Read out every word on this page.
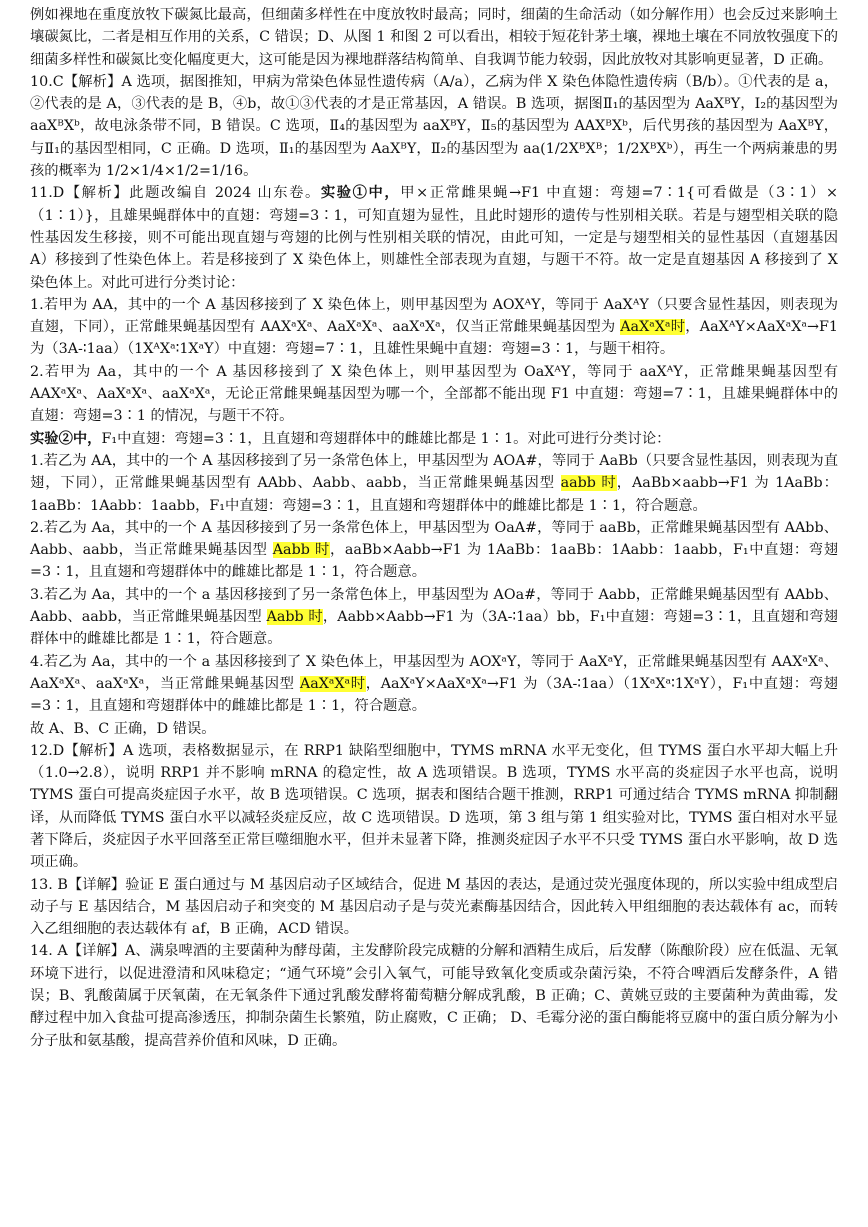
例如裸地在重度放牧下碳氮比最高，但细菌多样性在中度放牧时最高；同时，细菌的生命活动（如分解作用）也会反过来影响土壤碳氮比，二者是相互作用的关系，C 错误；D、从图 1 和图 2 可以看出，相较于短花针茅土壤，裸地土壤在不同放牧强度下的细菌多样性和碳氮比变化幅度更大，这可能是因为裸地群落结构简单、自我调节能力较弱，因此放牧对其影响更显著，D 正确。

10.C【解析】A 选项，据图推知，甲病为常染色体显性遗传病（A/a），乙病为伴 X 染色体隐性遗传病（B/b）。①代表的是 a，②代表的是 A，③代表的是 B，④b，故①③代表的才是正常基因，A 错误。B 选项，据图Ⅱ₁的基因型为 AaXᴮY，Ⅰ₂的基因型为 aaXᴮXᵇ，故电泳条带不同，B 错误。C 选项，Ⅱ₄的基因型为 aaXᴮY，Ⅱ₅的基因型为 AAXᴮXᵇ，后代男孩的基因型为 AaXᴮY，与Ⅱ₁的基因型相同，C 正确。D 选项，Ⅱ₁的基因型为 AaXᴮY，Ⅱ₂的基因型为 aa(1/2XᴮXᴮ；1/2XᴮXᵇ），再生一个两病兼患的男孩的概率为 1/2×1/4×1/2=1/16。

11.D【解析】此题改编自 2024 山东卷。实验①中，甲×正常雌果蝇→F1 中直翅：弯翅=7∶1{可看做是（3∶1）×（1∶1）}，且雄果蝇群体中的直翅：弯翅=3∶1，可知直翅为显性，且此时翅形的遗传与性别相关联。若是与翅型相关联的隐性基因发生移接，则不可能出现直翅与弯翅的比例与性别相关联的情况，由此可知，一定是与翅型相关的显性基因（直翅基因 A）移接到了性染色体上。若是移接到了 X 染色体上，则雄性全部表现为直翅，与题干不符。故一定是直翅基因 A 移接到了 X 染色体上。对此可进行分类讨论：

1.若甲为 AA，其中的一个 A 基因移接到了 X 染色体上，则甲基因型为 AOXᴬY，等同于 AaXᴬY（只要含显性基因，则表现为直翅，下同），正常雌果蝇基因型有 AAXᵃXᵃ、AaXᵃXᵃ、aaXᵃXᵃ，仅当正常雌果蝇基因型为 AaXᵃXᵃ时，AaXᴬY×AaXᵃXᵃ→F1 为（3A-∶1aa）（1XᴬXᵃ∶1XᵃY）中直翅：弯翅=7∶1，且雄性果蝇中直翅：弯翅=3∶1，与题干相符。

2.若甲为 Aa，其中的一个 A 基因移接到了 X 染色体上，则甲基因型为 OaXᴬY，等同于 aaXᴬY，正常雌果蝇基因型有 AAXᵃXᵃ、AaXᵃXᵃ、aaXᵃXᵃ，无论正常雌果蝇基因型为哪一个，全部都不能出现 F1 中直翅：弯翅=7∶1，且雄果蝇群体中的直翅：弯翅=3∶1 的情况，与题干不符。

实验②中，F₁中直翅：弯翅=3∶1，且直翅和弯翅群体中的雌雄比都是 1∶1。对此可进行分类讨论：

1.若乙为 AA，其中的一个 A 基因移接到了另一条常色体上，甲基因型为 AOA#，等同于 AaBb（只要含显性基因，则表现为直翅，下同），正常雌果蝇基因型有 AAbb、Aabb、aabb，当正常雌果蝇基因型 aabb 时，AaBb×aabb→F1 为 1AaBb：1aaBb：1Aabb：1aabb，F₁中直翅：弯翅=3∶1，且直翅和弯翅群体中的雌雄比都是 1∶1，符合题意。

2.若乙为 Aa，其中的一个 A 基因移接到了另一条常色体上，甲基因型为 OaA#，等同于 aaBb，正常雌果蝇基因型有 AAbb、Aabb、aabb，当正常雌果蝇基因型 Aabb 时，aaBb×Aabb→F1 为 1AaBb：1aaBb：1Aabb：1aabb，F₁中直翅：弯翅=3∶1，且直翅和弯翅群体中的雌雄比都是 1∶1，符合题意。

3.若乙为 Aa，其中的一个 a 基因移接到了另一条常色体上，甲基因型为 AOa#，等同于 Aabb，正常雌果蝇基因型有 AAbb、Aabb、aabb，当正常雌果蝇基因型 Aabb 时，Aabb×Aabb→F1 为（3A-∶1aa）bb，F₁中直翅：弯翅=3∶1，且直翅和弯翅群体中的雌雄比都是 1∶1，符合题意。

4.若乙为 Aa，其中的一个 a 基因移接到了 X 染色体上，甲基因型为 AOXᵃY，等同于 AaXᵃY，正常雌果蝇基因型有 AAXᵃXᵃ、AaXᵃXᵃ、aaXᵃXᵃ，当正常雌果蝇基因型 AaXᵃXᵃ时，AaXᵃY×AaXᵃXᵃ→F1 为（3A-∶1aa）（1XᵃXᵃ∶1XᵃY），F₁中直翅：弯翅=3∶1，且直翅和弯翅群体中的雌雄比都是 1∶1，符合题意。

故 A、B、C 正确，D 错误。

12.D【解析】A 选项，表格数据显示，在 RRP1 缺陷型细胞中，TYMS mRNA 水平无变化，但 TYMS 蛋白水平却大幅上升（1.0→2.8），说明 RRP1 并不影响 mRNA 的稳定性，故 A 选项错误。B 选项，TYMS 水平高的炎症因子水平也高，说明 TYMS 蛋白可提高炎症因子水平，故 B 选项错误。C 选项，据表和图结合题干推测，RRP1 可通过结合 TYMS mRNA 抑制翻译，从而降低 TYMS 蛋白水平以减轻炎症反应，故 C 选项错误。D 选项，第 3 组与第 1 组实验对比，TYMS 蛋白相对水平显著下降后，炎症因子水平回落至正常巨噬细胞水平，但并未显著下降，推测炎症因子水平不只受 TYMS 蛋白水平影响，故 D 选项正确。

13. B【详解】验证 E 蛋白通过与 M 基因启动子区域结合，促进 M 基因的表达，是通过荧光强度体现的，所以实验中组成型启动子与 E 基因结合，M 基因启动子和突变的 M 基因启动子是与荧光素酶基因结合，因此转入甲组细胞的表达载体有 ac，而转入乙组细胞的表达载体有 af，B 正确，ACD 错误。

14. A【详解】A、满泉啤酒的主要菌种为酵母菌，主发酵阶段完成糖的分解和酒精生成后，后发酵（陈酿阶段）应在低温、无氧环境下进行，以促进澄清和风味稳定；“通气环境”会引入氧气，可能导致氧化变质或杂菌污染，不符合啤酒后发酵条件，A 错误；B、乳酸菌属于厌氧菌，在无氧条件下通过乳酸发酵将葡萄糖分解成乳酸，B 正确；C、黄姚豆豉的主要菌种为黄曲霉，发酵过程中加入食盐可提高渗透压，抑制杂菌生长繁殖，防止腐败，C 正确； D、毛霉分泌的蛋白酶能将豆腐中的蛋白质分解为小分子肽和氨基酸，提高营养价值和风味，D 正确。
